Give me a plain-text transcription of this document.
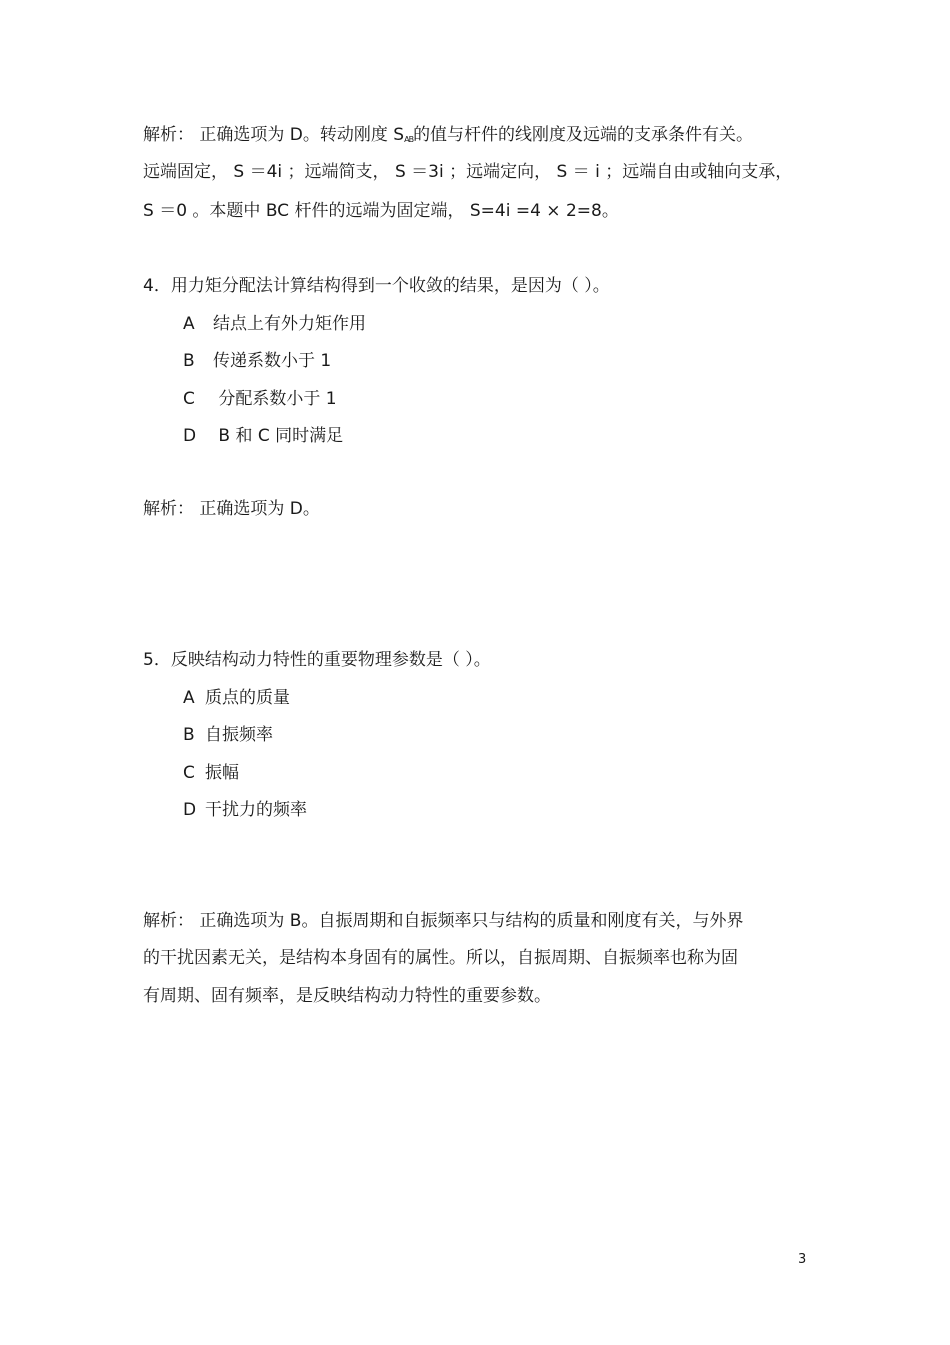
解析： 正确选项为 D。转动刚度 $S_{AB}$的值与杆件的线刚度及远端的支承条件有关。
远端固定， S ＝4i ；远端简支， S ＝3i ；远端定向， S ＝ i ；远端自由或轴向支承，
S ＝0 。本题中 BC 杆件的远端为固定端， S=4i =4 × 2=8。
4．用力矩分配法计算结构得到一个收敛的结果，是因为（ ）。
A 结点上有外力矩作用
B 传递系数小于 1
C 分配系数小于 1
D B 和 C 同时满足
解析： 正确选项为 D。
5．反映结构动力特性的重要物理参数是（ ）。
A 质点的质量
B 自振频率
C 振幅
D 干扰力的频率
解析： 正确选项为 B。自振周期和自振频率只与结构的质量和刚度有关，与外界
的干扰因素无关，是结构本身固有的属性。所以，自振周期、自振频率也称为固
有周期、固有频率，是反映结构动力特性的重要参数。
3
